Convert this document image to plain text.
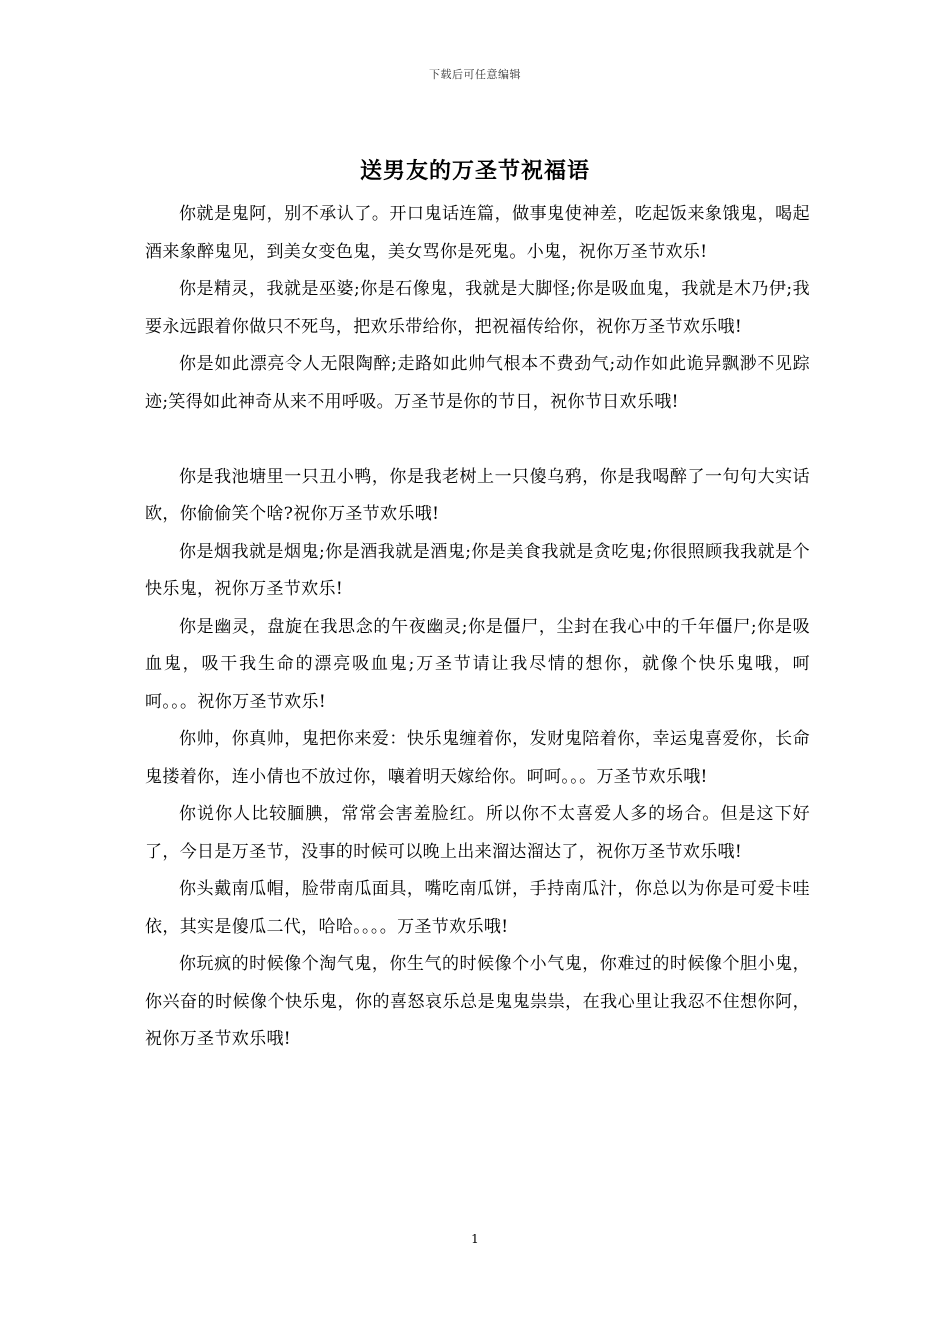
下载后可任意编辑
送男友的万圣节祝福语

你就是鬼阿，别不承认了。开口鬼话连篇，做事鬼使神差，吃起饭来象饿鬼，喝起酒来象醉鬼见，到美女变色鬼，美女骂你是死鬼。小鬼，祝你万圣节欢乐!

你是精灵，我就是巫婆;你是石像鬼，我就是大脚怪;你是吸血鬼，我就是木乃伊;我要永远跟着你做只不死鸟，把欢乐带给你，把祝福传给你，祝你万圣节欢乐哦!

你是如此漂亮令人无限陶醉;走路如此帅气根本不费劲气;动作如此诡异飘渺不见踪迹;笑得如此神奇从来不用呼吸。万圣节是你的节日，祝你节日欢乐哦!

你是我池塘里一只丑小鸭，你是我老树上一只傻乌鸦，你是我喝醉了一句句大实话欧，你偷偷笑个啥?祝你万圣节欢乐哦!

你是烟我就是烟鬼;你是酒我就是酒鬼;你是美食我就是贪吃鬼;你很照顾我我就是个快乐鬼，祝你万圣节欢乐!

你是幽灵，盘旋在我思念的午夜幽灵;你是僵尸，尘封在我心中的千年僵尸;你是吸血鬼，吸干我生命的漂亮吸血鬼;万圣节请让我尽情的想你，就像个快乐鬼哦，呵呵。。。祝你万圣节欢乐!

你帅，你真帅，鬼把你来爱：快乐鬼缠着你，发财鬼陪着你，幸运鬼喜爱你，长命鬼搂着你，连小倩也不放过你，嚷着明天嫁给你。呵呵。。。万圣节欢乐哦!

你说你人比较腼腆，常常会害羞脸红。所以你不太喜爱人多的场合。但是这下好了，今日是万圣节，没事的时候可以晚上出来溜达溜达了，祝你万圣节欢乐哦!

你头戴南瓜帽，脸带南瓜面具，嘴吃南瓜饼，手持南瓜汁，你总以为你是可爱卡哇依，其实是傻瓜二代，哈哈。。。。万圣节欢乐哦!

你玩疯的时候像个淘气鬼，你生气的时候像个小气鬼，你难过的时候像个胆小鬼，你兴奋的时候像个快乐鬼，你的喜怒哀乐总是鬼鬼祟祟，在我心里让我忍不住想你阿，祝你万圣节欢乐哦!

1
